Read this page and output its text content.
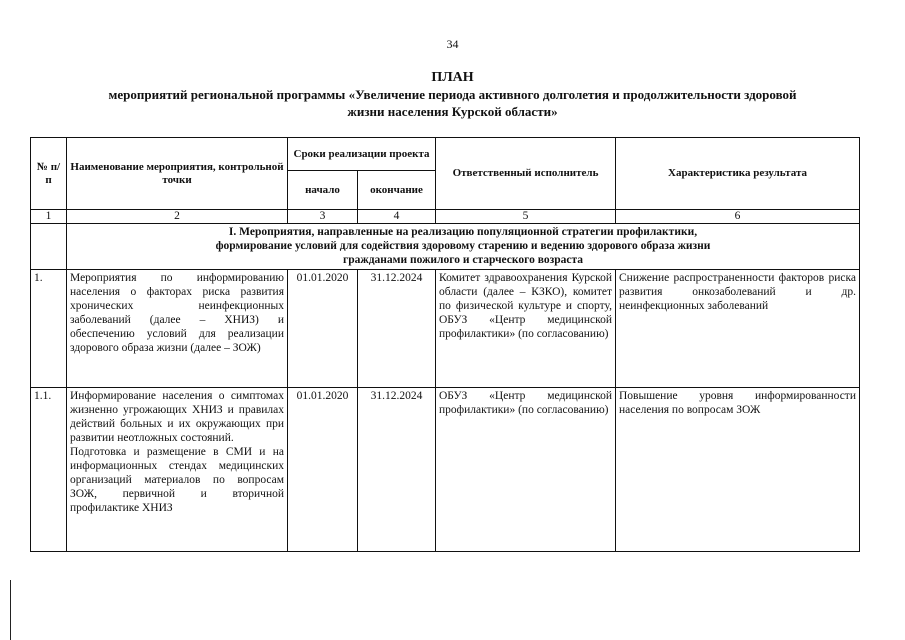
34
ПЛАН
мероприятий региональной программы «Увеличение периода активного долголетия и продолжительности здоровой
жизни населения Курской области»
№ п/п	Наименование мероприятия, контрольной точки	Сроки реализации проекта		Ответственный исполнитель	Характеристика результата
		начало	окончание		
1	2	3	4	5	6

	I. Мероприятия, направленные на реализацию популяционной стратегии профилактики,
формирование условий для содействия здоровому старению и ведению здорового образа жизни
гражданами пожилого и старческого возраста				

1.	Мероприятия по информированию населения о факторах риска развития хронических неинфекционных заболеваний (далее – ХНИЗ) и обеспечению условий для реализации здорового образа жизни (далее – ЗОЖ)	01.01.2020	31.12.2024	Комитет здравоохранения Курской области (далее – КЗКО), комитет по физической культуре и спорту, ОБУЗ «Центр медицинской профилактики» (по согласованию)	Снижение распространенности факторов риска развития онкозаболеваний и др. неинфекционных заболеваний
1.1.	Информирование населения о симптомах жизненно угрожающих ХНИЗ и правилах действий больных и их окружающих при развитии неотложных состояний.
Подготовка и размещение в СМИ и на информационных стендах медицинских организаций материалов по вопросам ЗОЖ, первичной и вторичной профилактике ХНИЗ	01.01.2020	31.12.2024	ОБУЗ «Центр медицинской профилактики» (по согласованию)	Повышение уровня информированности населения по вопросам ЗОЖ
